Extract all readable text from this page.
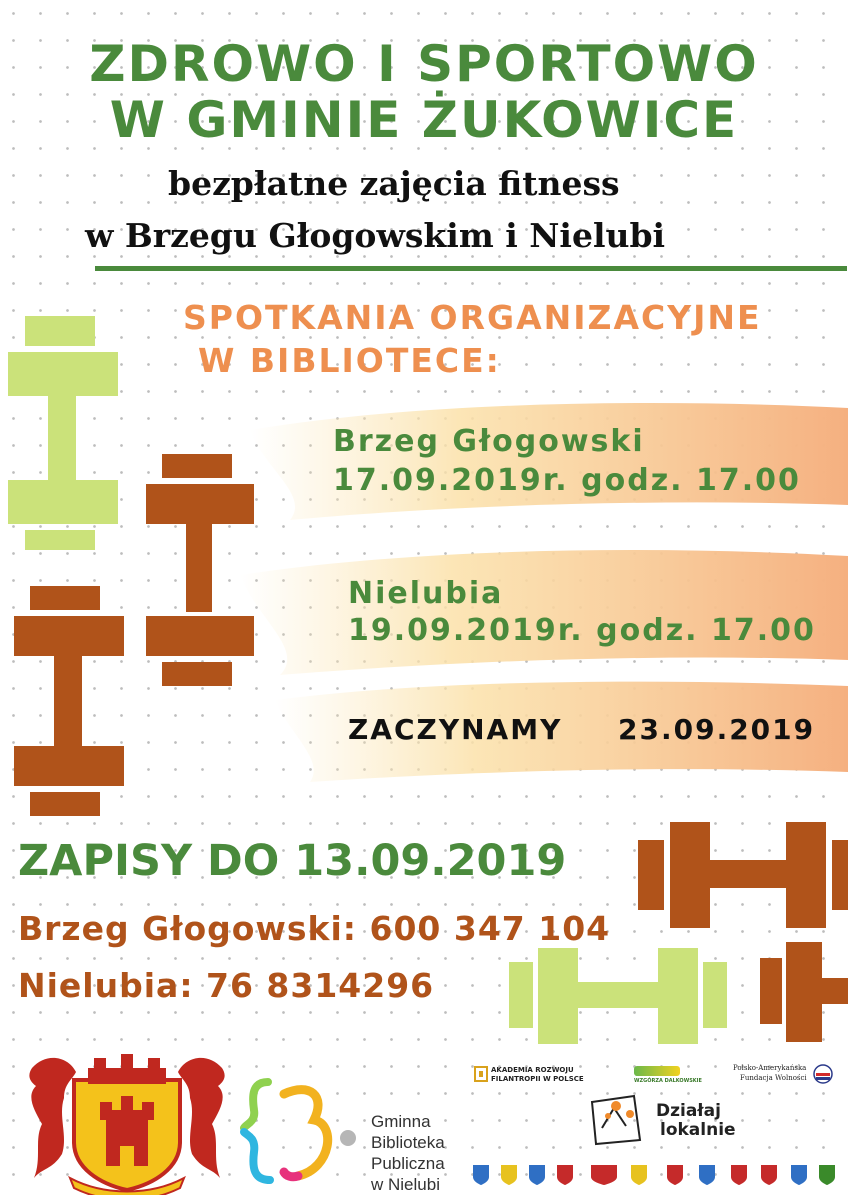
ZDROWO I SPORTOWO
W GMINIE ŻUKOWICE
bezpłatne zajęcia fitness
w Brzegu Głogowskim i Nielubi
SPOTKANIA ORGANIZACYJNE
W BIBLIOTECE:
Brzeg Głogowski
17.09.2019r. godz. 17.00
Nielubia
19.09.2019r. godz. 17.00
ZACZYNAMY 23.09.2019
ZAPISY DO 13.09.2019
Brzeg Głogowski: 600 347 104
Nielubia: 76 8314296
Gminna
Biblioteka
Publiczna
w Nielubi
AKADEMIA ROZWOJU
FILANTROPII W POLSCE	WZGÓRZA DALKOWSKIE
Polsko-Amerykańska
Fundacja Wolności
Działaj
lokalnie
